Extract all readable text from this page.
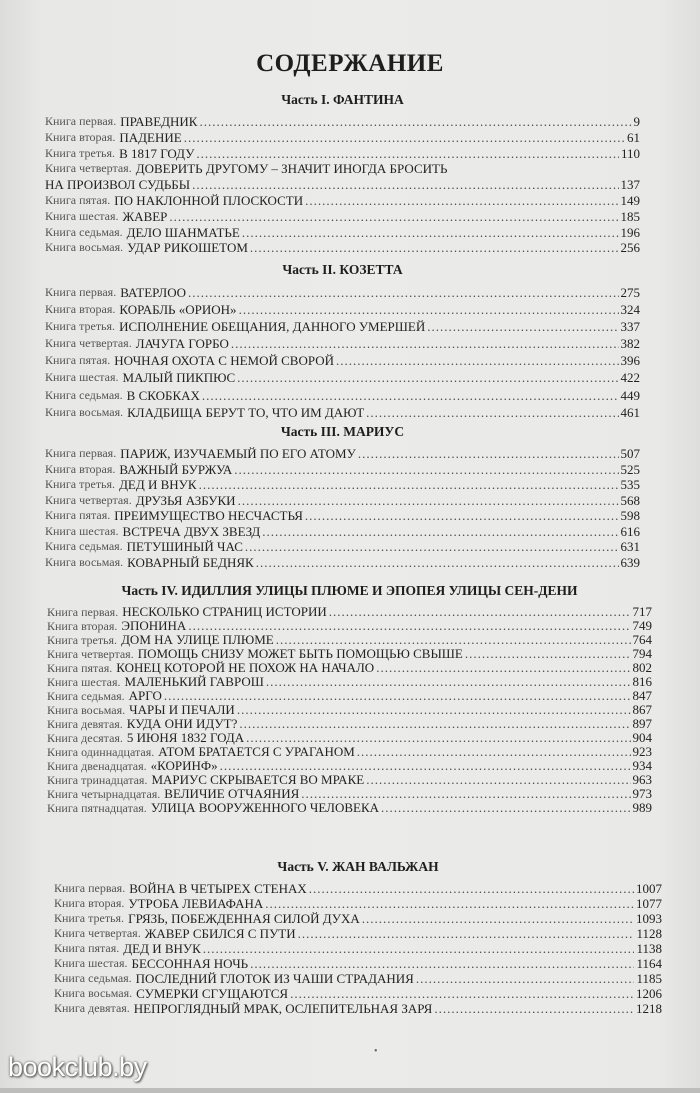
СОДЕРЖАНИЕ
Часть I. ФАНТИНА
Книга первая. ПРАВЕДНИК .....	9
Книга вторая. ПАДЕНИЕ .....	61
Книга третья. В 1817 ГОДУ .....	110
Книга четвертая. ДОВЕРИТЬ ДРУГОМУ – ЗНАЧИТ ИНОГДА БРОСИТЬ
НА ПРОИЗВОЛ СУДЬБЫ .....	137
Книга пятая. ПО НАКЛОННОЙ ПЛОСКОСТИ .....	149
Книга шестая. ЖАВЕР .....	185
Книга седьмая. ДЕЛО ШАНМАТЬЕ .....	196
Книга восьмая. УДАР РИКОШЕТОМ .....	256
Часть II. КОЗЕТТА
Книга первая. ВАТЕРЛОО .....	275
Книга вторая. КОРАБЛЬ «ОРИОН» .....	324
Книга третья. ИСПОЛНЕНИЕ ОБЕЩАНИЯ, ДАННОГО УМЕРШЕЙ .....	337
Книга четвертая. ЛАЧУГА ГОРБО .....	382
Книга пятая. НОЧНАЯ ОХОТА С НЕМОЙ СВОРОЙ .....	396
Книга шестая. МАЛЫЙ ПИКПЮС .....	422
Книга седьмая. В СКОБКАХ .....	449
Книга восьмая. КЛАДБИЩА БЕРУТ ТО, ЧТО ИМ ДАЮТ .....	461
Часть III. МАРИУС
Книга первая. ПАРИЖ, ИЗУЧАЕМЫЙ ПО ЕГО АТОМУ .....	507
Книга вторая. ВАЖНЫЙ БУРЖУА .....	525
Книга третья. ДЕД И ВНУК .....	535
Книга четвертая. ДРУЗЬЯ АЗБУКИ .....	568
Книга пятая. ПРЕИМУЩЕСТВО НЕСЧАСТЬЯ .....	598
Книга шестая. ВСТРЕЧА ДВУХ ЗВЕЗД .....	616
Книга седьмая. ПЕТУШИНЫЙ ЧАС .....	631
Книга восьмая. КОВАРНЫЙ БЕДНЯК .....	639
Часть IV. ИДИЛЛИЯ УЛИЦЫ ПЛЮМЕ И ЭПОПЕЯ УЛИЦЫ СЕН-ДЕНИ
Книга первая. НЕСКОЛЬКО СТРАНИЦ ИСТОРИИ .....	717
Книга вторая. ЭПОНИНА .....	749
Книга третья. ДОМ НА УЛИЦЕ ПЛЮМЕ .....	764
Книга четвертая. ПОМОЩЬ СНИЗУ МОЖЕТ БЫТЬ ПОМОЩЬЮ СВЫШЕ .....	794
Книга пятая. КОНЕЦ КОТОРОЙ НЕ ПОХОЖ НА НАЧАЛО .....	802
Книга шестая. МАЛЕНЬКИЙ ГАВРОШ .....	816
Книга седьмая. АРГО .....	847
Книга восьмая. ЧАРЫ И ПЕЧАЛИ .....	867
Книга девятая. КУДА ОНИ ИДУТ? .....	897
Книга десятая. 5 ИЮНЯ 1832 ГОДА .....	904
Книга одиннадцатая. АТОМ БРАТАЕТСЯ С УРАГАНОМ .....	923
Книга двенадцатая. «КОРИНФ» .....	934
Книга тринадцатая. МАРИУС СКРЫВАЕТСЯ ВО МРАКЕ .....	963
Книга четырнадцатая. ВЕЛИЧИЕ ОТЧАЯНИЯ .....	973
Книга пятнадцатая. УЛИЦА ВООРУЖЕННОГО ЧЕЛОВЕКА .....	989
Часть V. ЖАН ВАЛЬЖАН
Книга первая. ВОЙНА В ЧЕТЫРЕХ СТЕНАХ .....	1007
Книга вторая. УТРОБА ЛЕВИАФАНА .....	1077
Книга третья. ГРЯЗЬ, ПОБЕЖДЕННАЯ СИЛОЙ ДУХА .....	1093
Книга четвертая. ЖАВЕР СБИЛСЯ С ПУТИ .....	1128
Книга пятая. ДЕД И ВНУК .....	1138
Книга шестая. БЕССОННАЯ НОЧЬ .....	1164
Книга седьмая. ПОСЛЕДНИЙ ГЛОТОК ИЗ ЧАШИ СТРАДАНИЯ .....	1185
Книга восьмая. СУМЕРКИ СГУЩАЮТСЯ .....	1206
Книга девятая. НЕПРОГЛЯДНЫЙ МРАК, ОСЛЕПИТЕЛЬНАЯ ЗАРЯ .....	1218
•
bookclub.by
